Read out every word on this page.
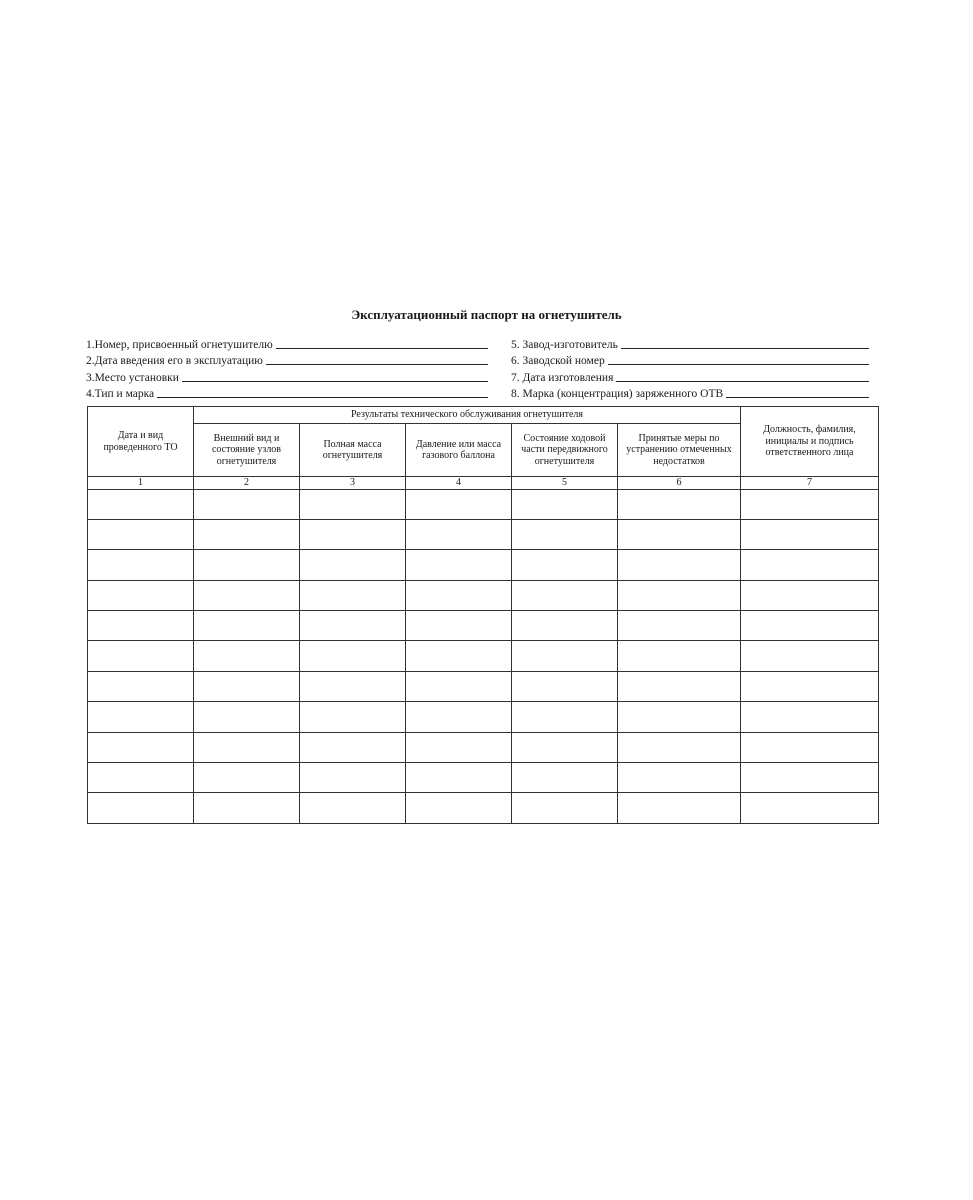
Эксплуатационный паспорт на огнетушитель
1.Номер, присвоенный огнетушителю
2.Дата введения его в эксплуатацию
3.Место установки
4.Тип и марка
5. Завод-изготовитель
6. Заводской номер
7. Дата изготовления
8. Марка (концентрация) заряженного ОТВ
Дата и вид проведенного ТО	Результаты технического обслуживания огнетушителя					Должность, фамилия, инициалы и подпись ответственного лица
	Внешний вид и состояние узлов огнетушителя	Полная масса огнетушителя	Давление или масса газового баллона	Состояние ходовой части передвижного огнетушителя	Принятые меры по устранению отмеченных недостатков	
1	2	3	4	5	6	7
